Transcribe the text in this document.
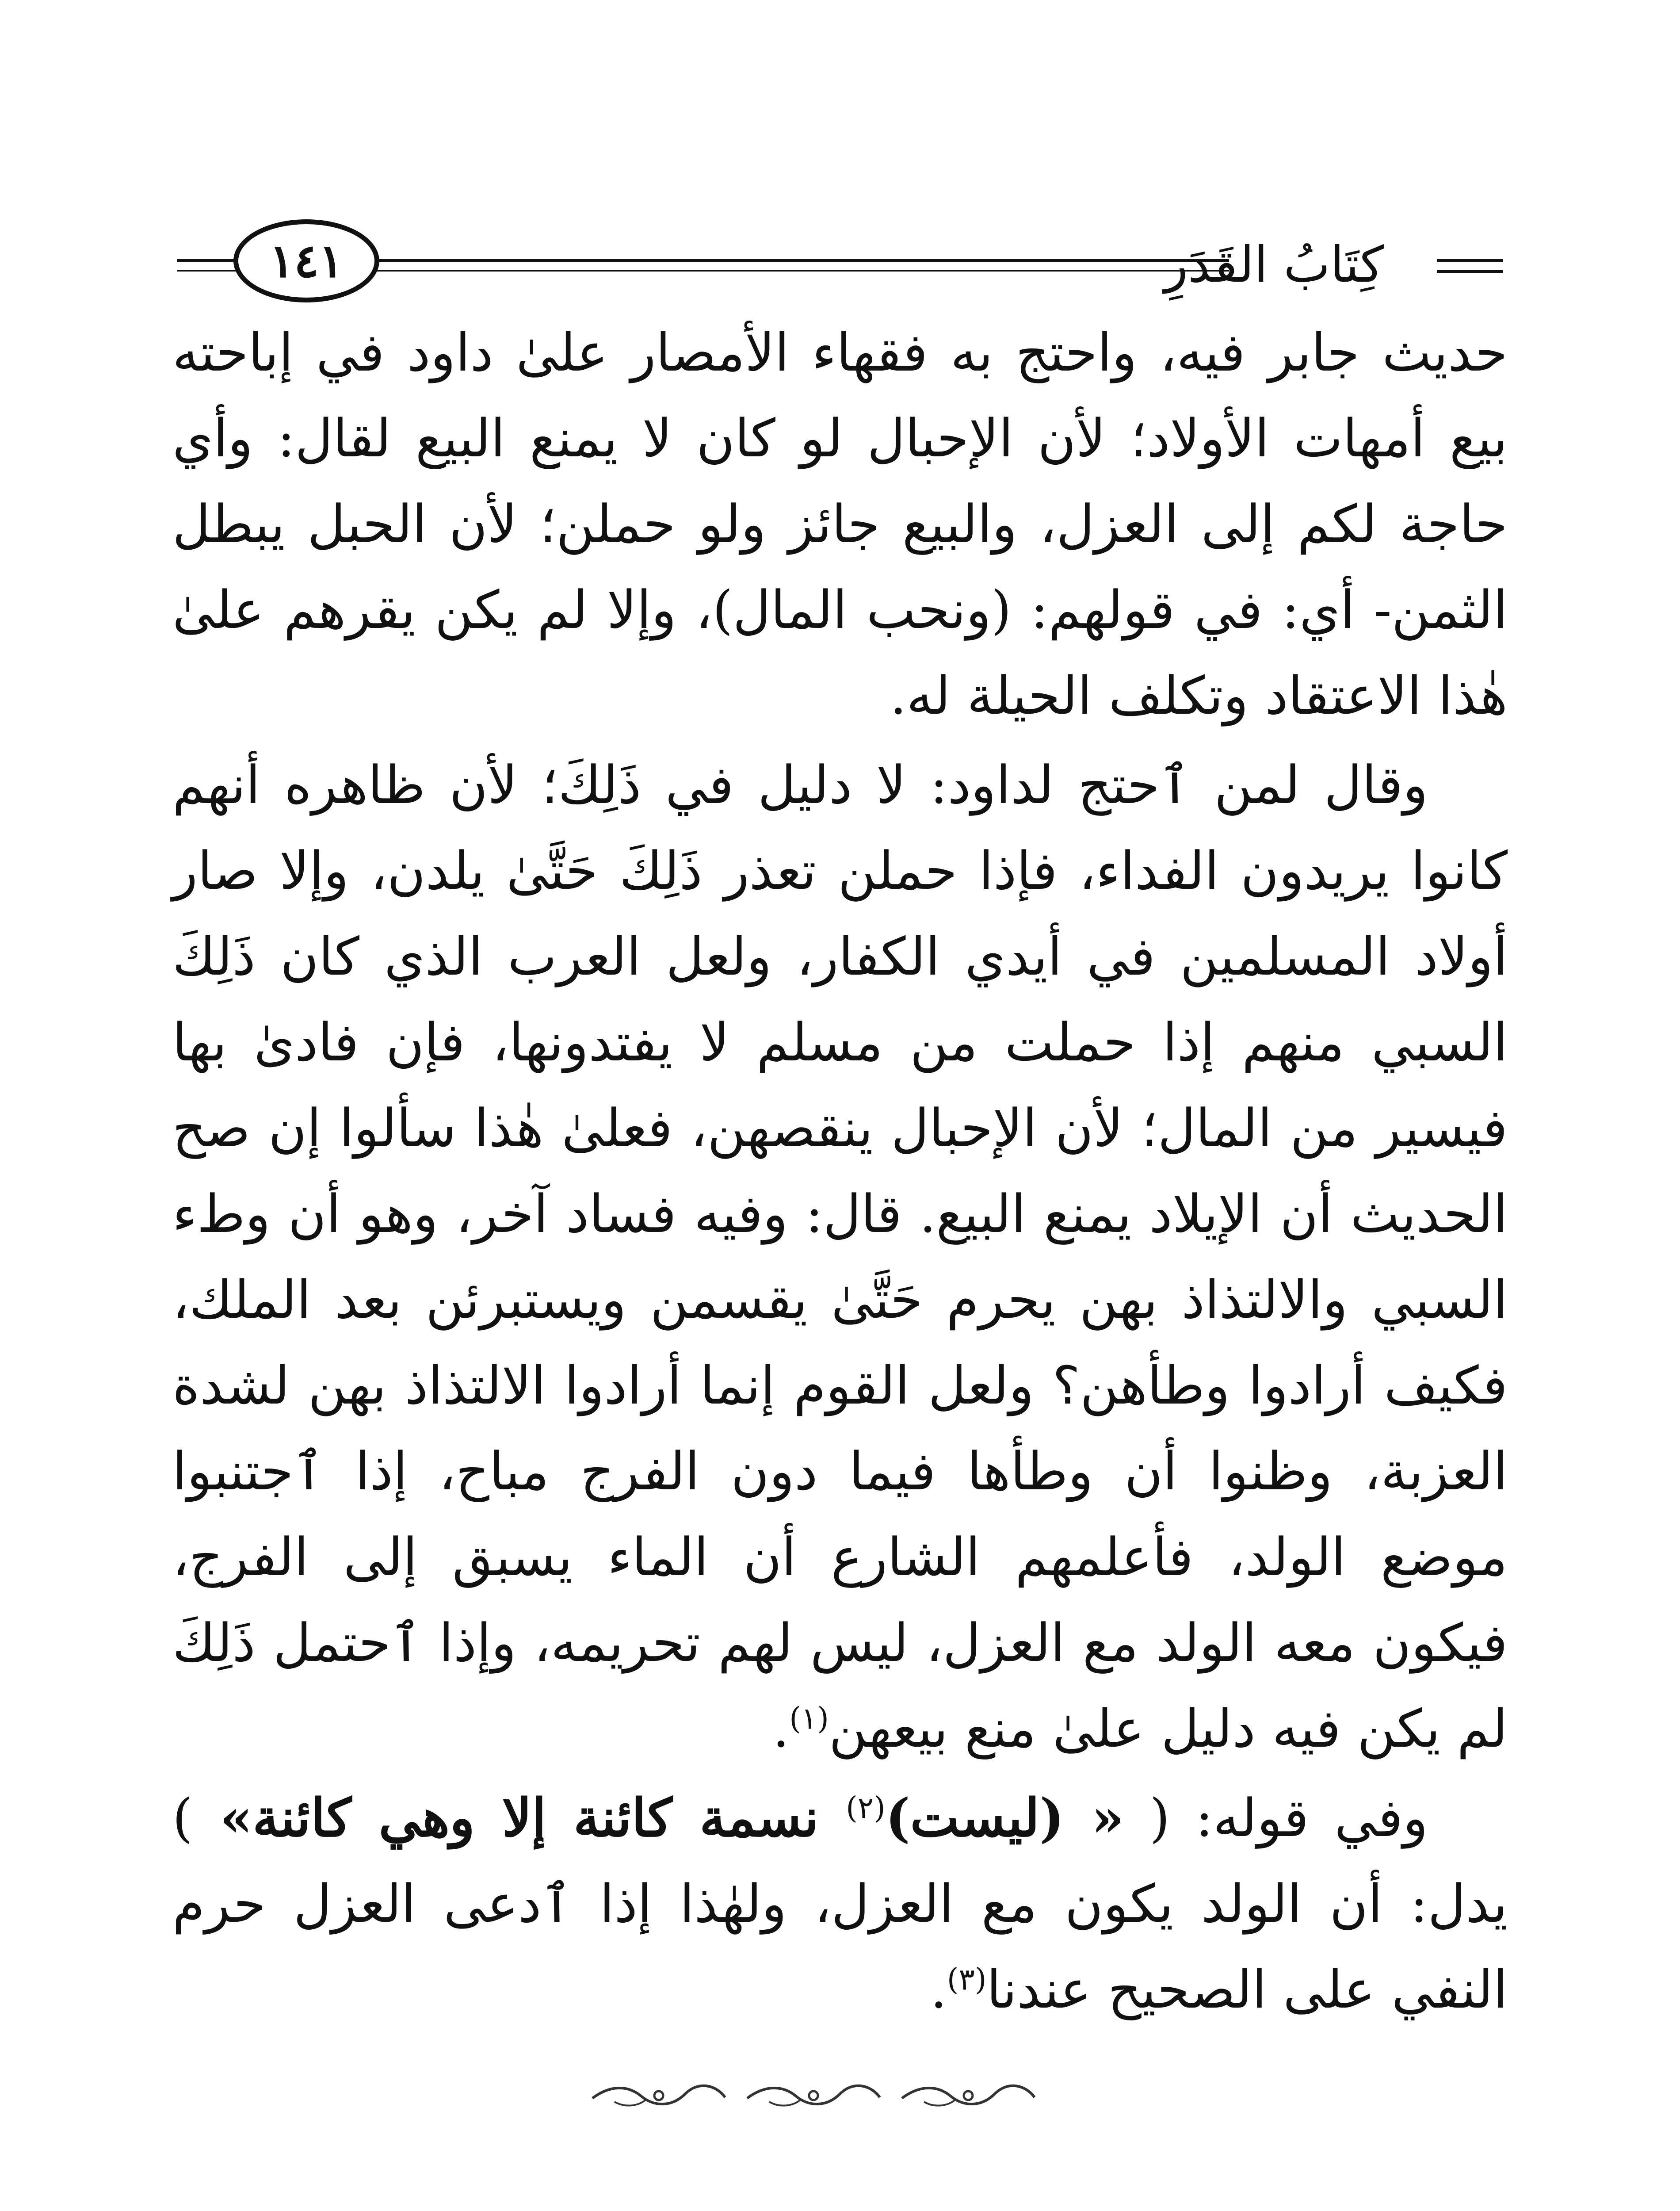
كِتَابُ القَدَرِ
١٤١

حديث جابر فيه، واحتج به فقهاء الأمصار علىٰ داود في إباحته بيع أمهات الأولاد؛ لأن الإحبال لو كان لا يمنع البيع لقال: وأي حاجة لكم إلى العزل، والبيع جائز ولو حملن؛ لأن الحبل يبطل الثمن- أي: في قولهم: (ونحب المال)، وإلا لم يكن يقرهم علىٰ هٰذا الاعتقاد وتكلف الحيلة له.

وقال لمن ٱحتج لداود: لا دليل في ذَلِكَ؛ لأن ظاهره أنهم كانوا يريدون الفداء، فإذا حملن تعذر ذَلِكَ حَتَّىٰ يلدن، وإلا صار أولاد المسلمين في أيدي الكفار، ولعل العرب الذي كان ذَلِكَ السبي منهم إذا حملت من مسلم لا يفتدونها، فإن فادىٰ بها فيسير من المال؛ لأن الإحبال ينقصهن، فعلىٰ هٰذا سألوا إن صح الحديث أن الإيلاد يمنع البيع. قال: وفيه فساد آخر، وهو أن وطء السبي والالتذاذ بهن يحرم حَتَّىٰ يقسمن ويستبرئن بعد الملك، فكيف أرادوا وطأهن؟ ولعل القوم إنما أرادوا الالتذاذ بهن لشدة العزبة، وظنوا أن وطأها فيما دون الفرج مباح، إذا ٱجتنبوا موضع الولد، فأعلمهم الشارع أن الماء يسبق إلى الفرج، فيكون معه الولد مع العزل، ليس لهم تحريمه، وإذا ٱحتمل ذَلِكَ لم يكن فيه دليل علىٰ منع بيعهن$^{(١)}$.

وفي قوله: ( « (ليست)$^{(٢)}$ نسمة كائنة إلا وهي كائنة» ) يدل: أن الولد يكون مع العزل، ولهٰذا إذا ٱدعى العزل حرم النفي على الصحيح عندنا$^{(٣)}$.
